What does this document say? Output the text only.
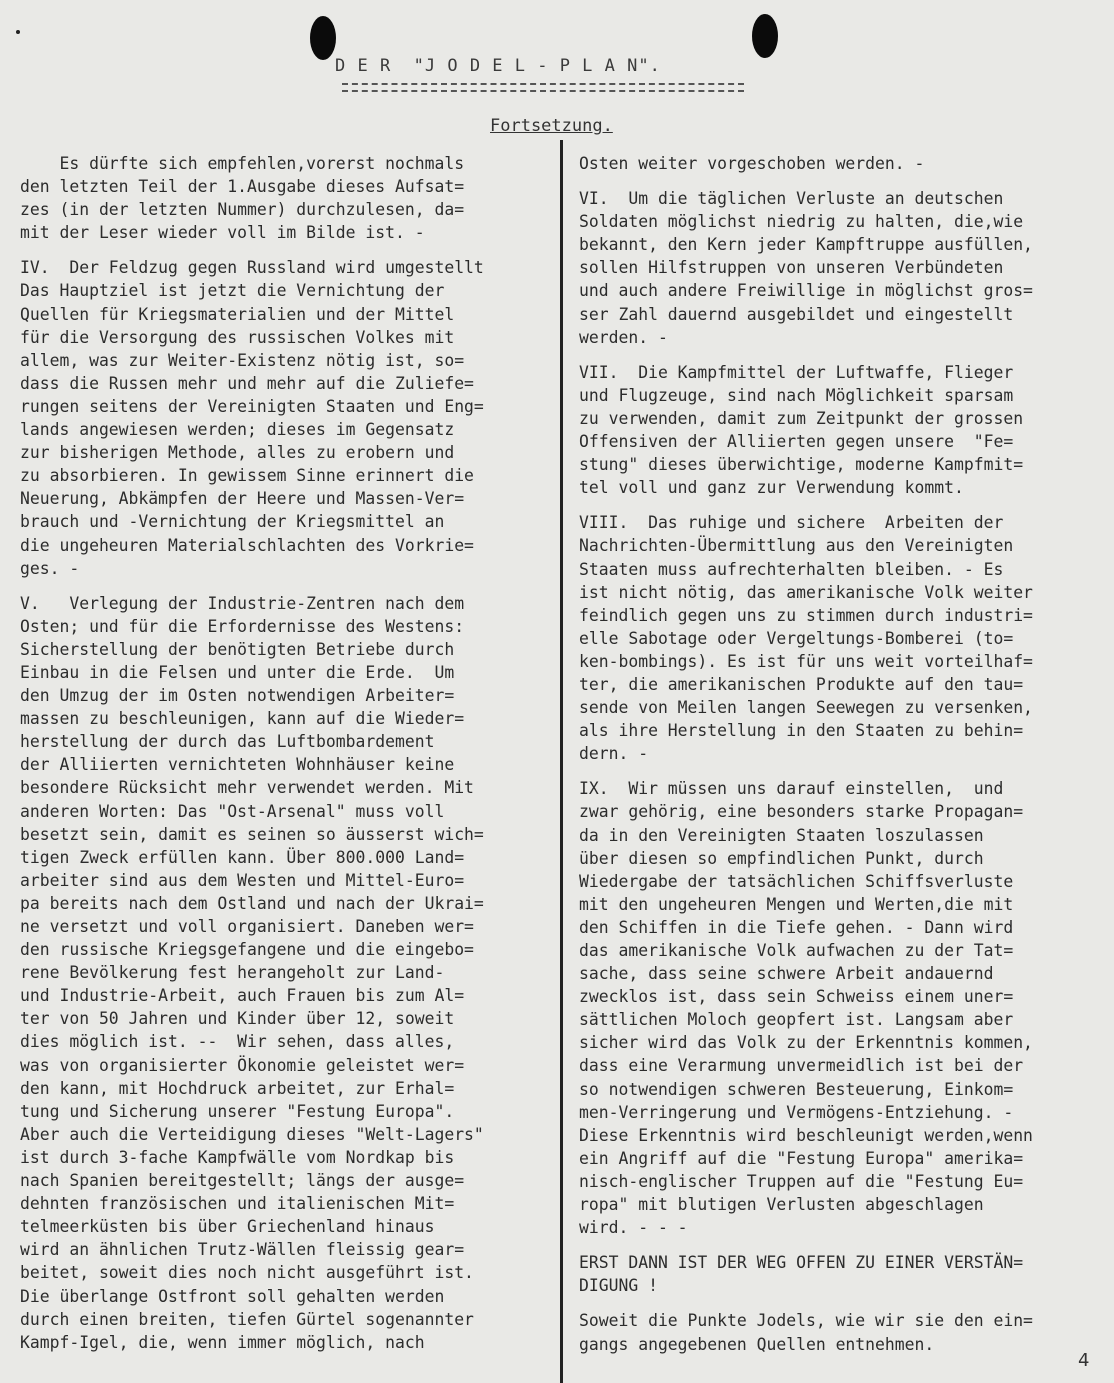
D E R  "J O D E L - P L A N".
Fortsetzung.
Es dürfte sich empfehlen,vorerst nochmals
den letzten Teil der 1.Ausgabe dieses Aufsat=
zes (in der letzten Nummer) durchzulesen, da=
mit der Leser wieder voll im Bilde ist. -
IV.  Der Feldzug gegen Russland wird umgestellt
Das Hauptziel ist jetzt die Vernichtung der
Quellen für Kriegsmaterialien und der Mittel
für die Versorgung des russischen Volkes mit
allem, was zur Weiter-Existenz nötig ist, so=
dass die Russen mehr und mehr auf die Zuliefe=
rungen seitens der Vereinigten Staaten und Eng=
lands angewiesen werden; dieses im Gegensatz
zur bisherigen Methode, alles zu erobern und
zu absorbieren. In gewissem Sinne erinnert die
Neuerung, Abkämpfen der Heere und Massen-Ver=
brauch und -Vernichtung der Kriegsmittel an
die ungeheuren Materialschlachten des Vorkrie=
ges. -
V.   Verlegung der Industrie-Zentren nach dem
Osten; und für die Erfordernisse des Westens:
Sicherstellung der benötigten Betriebe durch
Einbau in die Felsen und unter die Erde.  Um
den Umzug der im Osten notwendigen Arbeiter=
massen zu beschleunigen, kann auf die Wieder=
herstellung der durch das Luftbombardement
der Alliierten vernichteten Wohnhäuser keine
besondere Rücksicht mehr verwendet werden. Mit
anderen Worten: Das "Ost-Arsenal" muss voll
besetzt sein, damit es seinen so äusserst wich=
tigen Zweck erfüllen kann. Über 800.000 Land=
arbeiter sind aus dem Westen und Mittel-Euro=
pa bereits nach dem Ostland und nach der Ukrai=
ne versetzt und voll organisiert. Daneben wer=
den russische Kriegsgefangene und die eingebo=
rene Bevölkerung fest herangeholt zur Land-
und Industrie-Arbeit, auch Frauen bis zum Al=
ter von 50 Jahren und Kinder über 12, soweit
dies möglich ist. --  Wir sehen, dass alles,
was von organisierter Ökonomie geleistet wer=
den kann, mit Hochdruck arbeitet, zur Erhal=
tung und Sicherung unserer "Festung Europa".
Aber auch die Verteidigung dieses "Welt-Lagers"
ist durch 3-fache Kampfwälle vom Nordkap bis
nach Spanien bereitgestellt; längs der ausge=
dehnten französischen und italienischen Mit=
telmeerküsten bis über Griechenland hinaus
wird an ähnlichen Trutz-Wällen fleissig gear=
beitet, soweit dies noch nicht ausgeführt ist.
Die überlange Ostfront soll gehalten werden
durch einen breiten, tiefen Gürtel sogenannter
Kampf-Igel, die, wenn immer möglich, nach
Osten weiter vorgeschoben werden. -
VI.  Um die täglichen Verluste an deutschen
Soldaten möglichst niedrig zu halten, die,wie
bekannt, den Kern jeder Kampftruppe ausfüllen,
sollen Hilfstruppen von unseren Verbündeten
und auch andere Freiwillige in möglichst gros=
ser Zahl dauernd ausgebildet und eingestellt
werden. -
VII.  Die Kampfmittel der Luftwaffe, Flieger
und Flugzeuge, sind nach Möglichkeit sparsam
zu verwenden, damit zum Zeitpunkt der grossen
Offensiven der Alliierten gegen unsere  "Fe=
stung" dieses überwichtige, moderne Kampfmit=
tel voll und ganz zur Verwendung kommt.
VIII.  Das ruhige und sichere  Arbeiten der
Nachrichten-Übermittlung aus den Vereinigten
Staaten muss aufrechterhalten bleiben. - Es
ist nicht nötig, das amerikanische Volk weiter
feindlich gegen uns zu stimmen durch industri=
elle Sabotage oder Vergeltungs-Bomberei (to=
ken-bombings). Es ist für uns weit vorteilhaf=
ter, die amerikanischen Produkte auf den tau=
sende von Meilen langen Seewegen zu versenken,
als ihre Herstellung in den Staaten zu behin=
dern. -
IX.  Wir müssen uns darauf einstellen,  und
zwar gehörig, eine besonders starke Propagan=
da in den Vereinigten Staaten loszulassen
über diesen so empfindlichen Punkt, durch
Wiedergabe der tatsächlichen Schiffsverluste
mit den ungeheuren Mengen und Werten,die mit
den Schiffen in die Tiefe gehen. - Dann wird
das amerikanische Volk aufwachen zu der Tat=
sache, dass seine schwere Arbeit andauernd
zwecklos ist, dass sein Schweiss einem uner=
sättlichen Moloch geopfert ist. Langsam aber
sicher wird das Volk zu der Erkenntnis kommen,
dass eine Verarmung unvermeidlich ist bei der
so notwendigen schweren Besteuerung, Einkom=
men-Verringerung und Vermögens-Entziehung. -
Diese Erkenntnis wird beschleunigt werden,wenn
ein Angriff auf die "Festung Europa" amerika=
nisch-englischer Truppen auf die "Festung Eu=
ropa" mit blutigen Verlusten abgeschlagen
wird. - - -
ERST DANN IST DER WEG OFFEN ZU EINER VERSTÄN=
DIGUNG !
Soweit die Punkte Jodels, wie wir sie den ein=
gangs angegebenen Quellen entnehmen.
4
